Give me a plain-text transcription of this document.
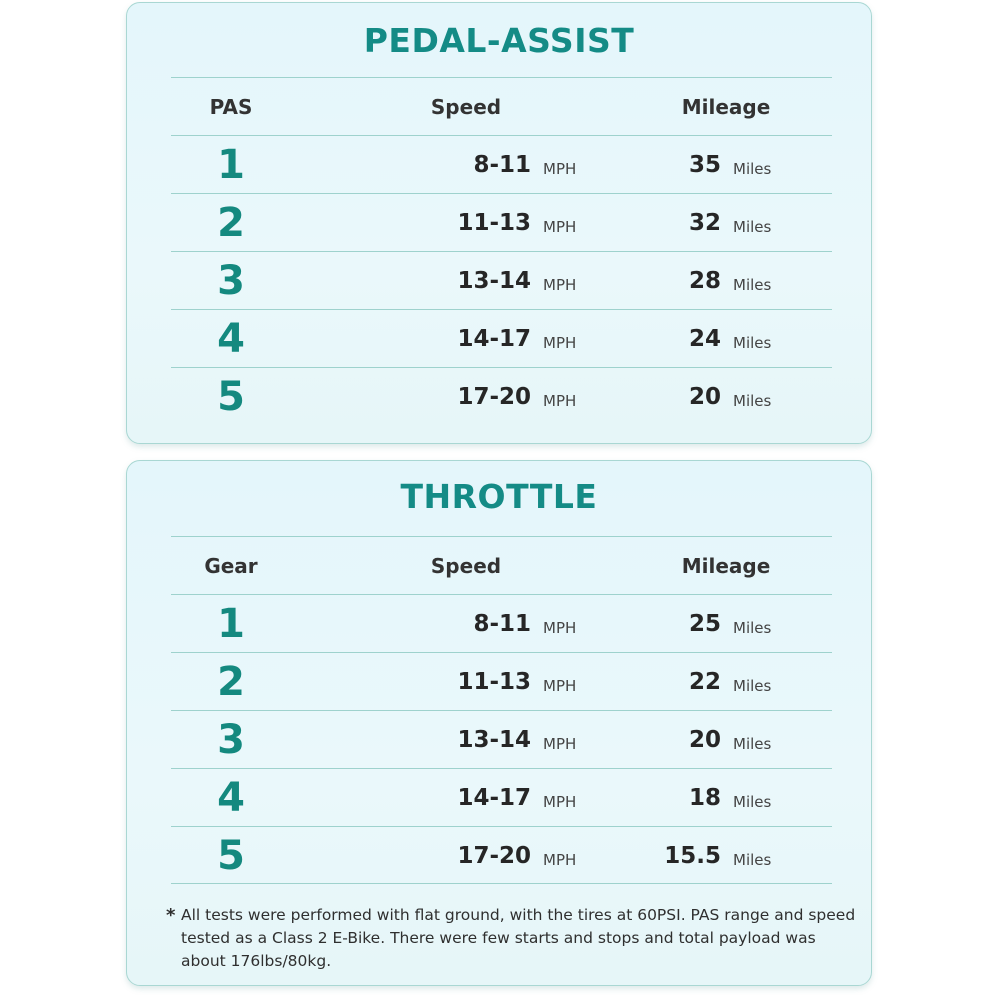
PEDAL-ASSIST
PAS	Speed	Mileage
1	8-11 MPH	35 Miles
2	11-13 MPH	32 Miles
3	13-14 MPH	28 Miles
4	14-17 MPH	24 Miles
5	17-20 MPH	20 Miles
THROTTLE
Gear	Speed	Mileage
1	8-11 MPH	25 Miles
2	11-13 MPH	22 Miles
3	13-14 MPH	20 Miles
4	14-17 MPH	18 Miles
5	17-20 MPH	15.5 Miles
* All tests were performed with flat ground, with the tires at 60PSI. PAS range and speed tested as a Class 2 E-Bike. There were few starts and stops and total payload was about 176lbs/80kg.
